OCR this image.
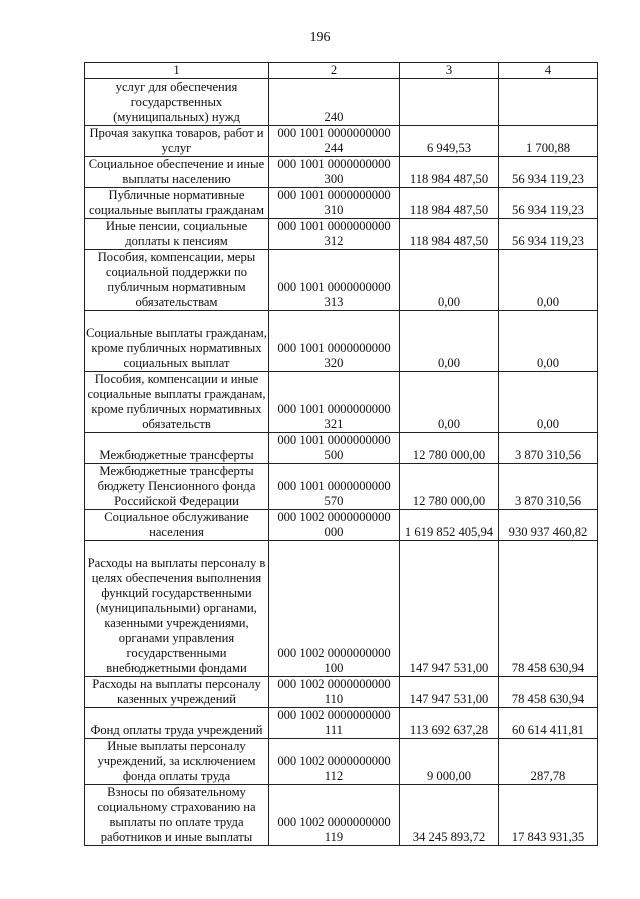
196
1	2	3	4
услуг для обеспечения государственных (муниципальных) нужд	240		
Прочая закупка товаров, работ и услуг	000 1001 0000000000 244	6 949,53	1 700,88
Социальное обеспечение и иные выплаты населению	000 1001 0000000000 300	118 984 487,50	56 934 119,23
Публичные нормативные социальные выплаты гражданам	000 1001 0000000000 310	118 984 487,50	56 934 119,23
Иные пенсии, социальные доплаты к пенсиям	000 1001 0000000000 312	118 984 487,50	56 934 119,23
Пособия, компенсации, меры социальной поддержки по публичным нормативным обязательствам	000 1001 0000000000 313	0,00	0,00
Социальные выплаты гражданам, кроме публичных нормативных социальных выплат	000 1001 0000000000 320	0,00	0,00
Пособия, компенсации и иные социальные выплаты гражданам, кроме публичных нормативных обязательств	000 1001 0000000000 321	0,00	0,00
Межбюджетные трансферты	000 1001 0000000000 500	12 780 000,00	3 870 310,56
Межбюджетные трансферты бюджету Пенсионного фонда Российской Федерации	000 1001 0000000000 570	12 780 000,00	3 870 310,56
Социальное обслуживание населения	000 1002 0000000000 000	1 619 852 405,94	930 937 460,82
Расходы на выплаты персоналу в целях обеспечения выполнения функций государственными (муниципальными) органами, казенными учреждениями, органами управления государственными внебюджетными фондами	000 1002 0000000000 100	147 947 531,00	78 458 630,94
Расходы на выплаты персоналу казенных учреждений	000 1002 0000000000 110	147 947 531,00	78 458 630,94
Фонд оплаты труда учреждений	000 1002 0000000000 111	113 692 637,28	60 614 411,81
Иные выплаты персоналу учреждений, за исключением фонда оплаты труда	000 1002 0000000000 112	9 000,00	287,78
Взносы по обязательному социальному страхованию на выплаты по оплате труда работников и иные выплаты	000 1002 0000000000 119	34 245 893,72	17 843 931,35
